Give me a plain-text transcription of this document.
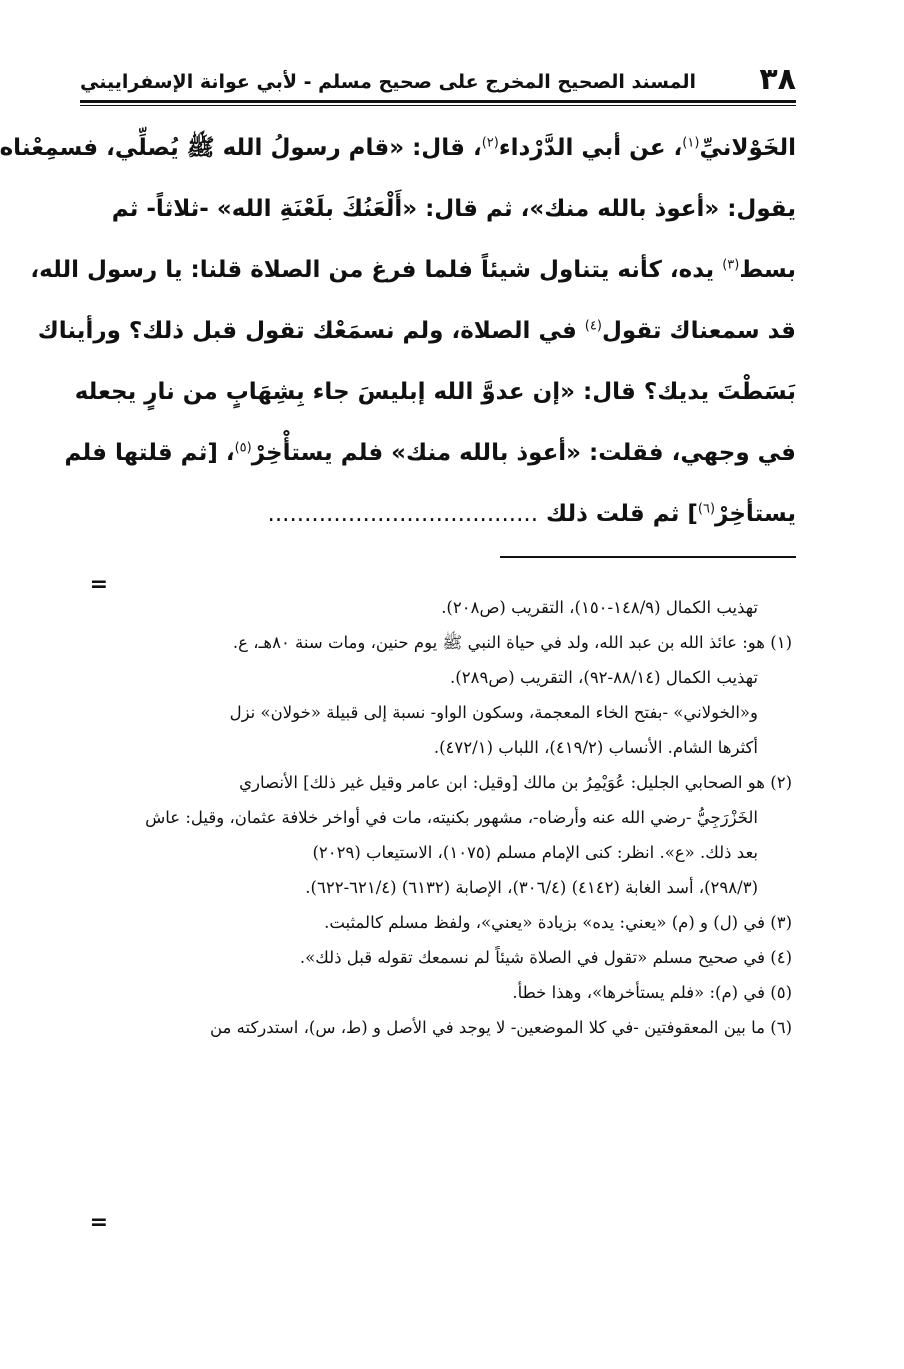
٣٨
المسند الصحيح المخرج على صحيح مسلم - لأبي عوانة الإسفراييني
الخَوْلانيِّ$^{(١)}$، عن أبي الدَّرْداء$^{(٢)}$، قال: «قام رسولُ الله ﷺ يُصلِّي، فسمِعْناه
يقول: «أعوذ بالله منك»، ثم قال: «أَلْعَنُكَ بلَعْنَةِ الله» -ثلاثاً- ثم
بسط$^{(٣)}$ يده، كأنه يتناول شيئاً فلما فرغ من الصلاة قلنا: يا رسول الله،
قد سمعناك تقول$^{(٤)}$ في الصلاة، ولم نسمَعْك تقول قبل ذلك؟ ورأيناك
بَسَطْتَ يديك؟ قال: «إن عدوَّ الله إبليسَ جاء بِشِهَابٍ من نارٍ يجعله
في وجهي، فقلت: «أعوذ بالله منك» فلم يستأْخِرْ$^{(٥)}$، [ثم قلتها فلم
يستأخِرْ$^{(٦)}$] ثم قلت ذلك .....................................
=
تهذيب الكمال (١٤٨/٩-١٥٠)، التقريب (ص٢٠٨).
(١) هو: عائذ الله بن عبد الله، ولد في حياة النبي ﷺ يوم حنين، ومات سنة ٨٠هـ، ع.
تهذيب الكمال (٨٨/١٤-٩٢)، التقريب (ص٢٨٩).
و«الخولاني» -بفتح الخاء المعجمة، وسكون الواو- نسبة إلى قبيلة «خولان» نزل
أكثرها الشام. الأنساب (٤١٩/٢)، اللباب (٤٧٢/١).
(٢) هو الصحابي الجليل: عُوَيْمِرُ بن مالك [وقيل: ابن عامر وقيل غير ذلك] الأنصاري
الخَزْرَجِيُّ -رضي الله عنه وأرضاه-، مشهور بكنيته، مات في أواخر خلافة عثمان، وقيل: عاش
بعد ذلك. «ع». انظر: كنى الإمام مسلم (١٠٧٥)، الاستيعاب (٢٠٢٩)
(٢٩٨/٣)، أسد الغابة (٤١٤٢) (٣٠٦/٤)، الإصابة (٦١٣٢) (٦٢١/٤-٦٢٢).
(٣) في (ل) و (م) «يعني: يده» بزيادة «يعني»، ولفظ مسلم كالمثبت.
(٤) في صحيح مسلم «تقول في الصلاة شيئاً لم نسمعك تقوله قبل ذلك».
(٥) في (م): «فلم يستأخرها»، وهذا خطأ.
(٦) ما بين المعقوفتين -في كلا الموضعين- لا يوجد في الأصل و (ط، س)، استدركته من
=
